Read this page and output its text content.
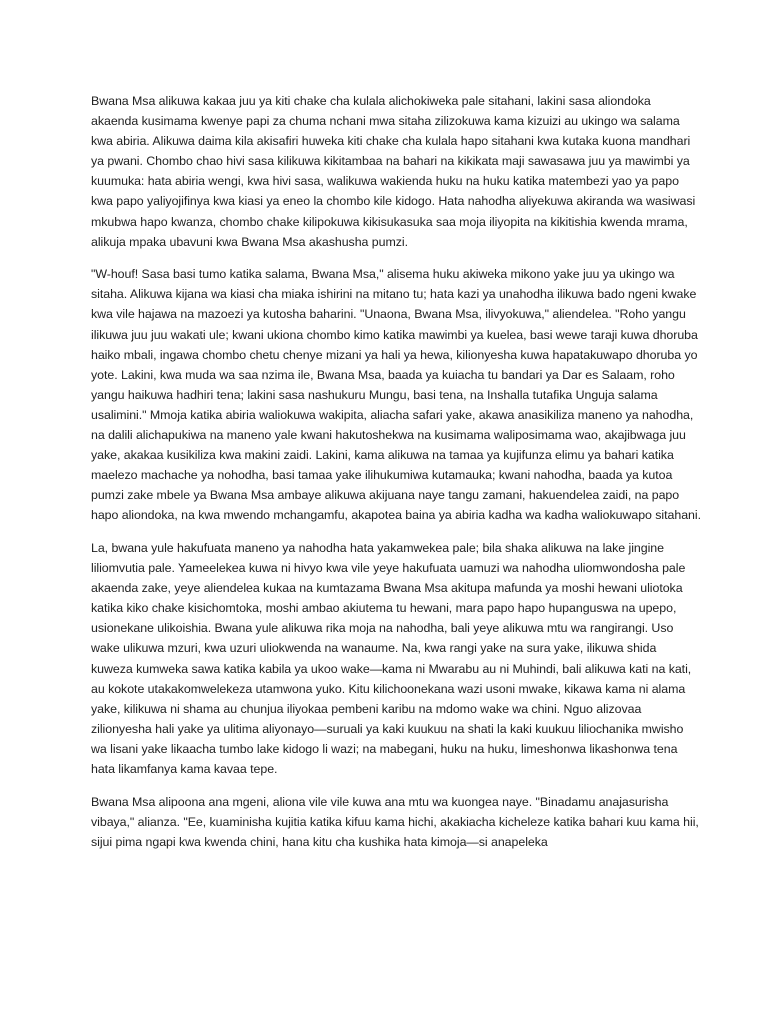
Bwana Msa alikuwa kakaa juu ya kiti chake cha kulala alichokiweka pale sitahani, lakini sasa aliondoka akaenda kusimama kwenye papi za chuma nchani mwa sitaha zilizokuwa kama kizuizi au ukingo wa salama kwa abiria. Alikuwa daima kila akisafiri huweka kiti chake cha kulala hapo sitahani kwa kutaka kuona mandhari ya pwani. Chombo chao hivi sasa kilikuwa kikitambaa na bahari na kikikata maji sawasawa juu ya mawimbi ya kuumuka: hata abiria wengi, kwa hivi sasa, walikuwa wakienda huku na huku katika matembezi yao ya papo kwa papo yaliyojifinya kwa kiasi ya eneo la chombo kile kidogo. Hata nahodha aliyekuwa akiranda wa wasiwasi mkubwa hapo kwanza, chombo chake kilipokuwa kikisukasuka saa moja iliyopita na kikitishia kwenda mrama, alikuja mpaka ubavuni kwa Bwana Msa akashusha pumzi.

"W-houf! Sasa basi tumo katika salama, Bwana Msa," alisema huku akiweka mikono yake juu ya ukingo wa sitaha. Alikuwa kijana wa kiasi cha miaka ishirini na mitano tu; hata kazi ya unahodha ilikuwa bado ngeni kwake kwa vile hajawa na mazoezi ya kutosha baharini. "Unaona, Bwana Msa, ilivyokuwa," aliendelea. "Roho yangu ilikuwa juu juu wakati ule; kwani ukiona chombo kimo katika mawimbi ya kuelea, basi wewe taraji kuwa dhoruba haiko mbali, ingawa chombo chetu chenye mizani ya hali ya hewa, kilionyesha kuwa hapatakuwapo dhoruba yo yote. Lakini, kwa muda wa saa nzima ile, Bwana Msa, baada ya kuiacha tu bandari ya Dar es Salaam, roho yangu haikuwa hadhiri tena; lakini sasa nashukuru Mungu, basi tena, na Inshalla tutafika Unguja salama usalimini." Mmoja katika abiria waliokuwa wakipita, aliacha safari yake, akawa anasikiliza maneno ya nahodha, na dalili alichapukiwa na maneno yale kwani hakutoshekwa na kusimama waliposimama wao, akajibwaga juu yake, akakaa kusikiliza kwa makini zaidi. Lakini, kama alikuwa na tamaa ya kujifunza elimu ya bahari katika maelezo machache ya nohodha, basi tamaa yake ilihukumiwa kutamauka; kwani nahodha, baada ya kutoa pumzi zake mbele ya Bwana Msa ambaye alikuwa akijuana naye tangu zamani, hakuendelea zaidi, na papo hapo aliondoka, na kwa mwendo mchangamfu, akapotea baina ya abiria kadha wa kadha waliokuwapo sitahani.

La, bwana yule hakufuata maneno ya nahodha hata yakamwekea pale; bila shaka alikuwa na lake jingine liliomvutia pale. Yameelekea kuwa ni hivyo kwa vile yeye hakufuata uamuzi wa nahodha uliomwondosha pale akaenda zake, yeye aliendelea kukaa na kumtazama Bwana Msa akitupa mafunda ya moshi hewani uliotoka katika kiko chake kisichomtoka, moshi ambao akiutemа tu hewani, mara papo hapo hupanguswa na upepo, usionekane ulikoishia. Bwana yule alikuwa rika moja na nahodha, bali yeye alikuwa mtu wa rangirangi. Uso wake ulikuwa mzuri, kwa uzuri uliokwenda na wanaume. Na, kwa rangi yake na sura yake, ilikuwa shida kuweza kumweka sawa katika kabila ya ukoo wake—kama ni Mwarabu au ni Muhindi, bali alikuwa kati na kati, au kokote utakakomwelekeza utamwona yuko. Kitu kilichoonekana wazi usoni mwake, kikawa kama ni alama yake, kilikuwa ni shama au chunjua iliyokaa pembeni karibu na mdomo wake wa chini. Nguo alizovaa zilionyesha hali yake ya ulitima aliyonayo—suruali ya kaki kuukuu na shati la kaki kuukuu liliochanika mwisho wa lisani yake likaacha tumbo lake kidogo li wazi; na mabegani, huku na huku, limeshonwa likashonwa tena hata likamfanya kama kavaa tepe.

Bwana Msa alipoona ana mgeni, aliona vile vile kuwa ana mtu wa kuongea naye. "Binadamu anajasurisha vibaya," alianza. "Ee, kuaminisha kujitia katika kifuu kama hichi, akakiacha kicheleze katika bahari kuu kama hii, sijui pima ngapi kwa kwenda chini, hana kitu cha kushika hata kimoja—si anapeleka
